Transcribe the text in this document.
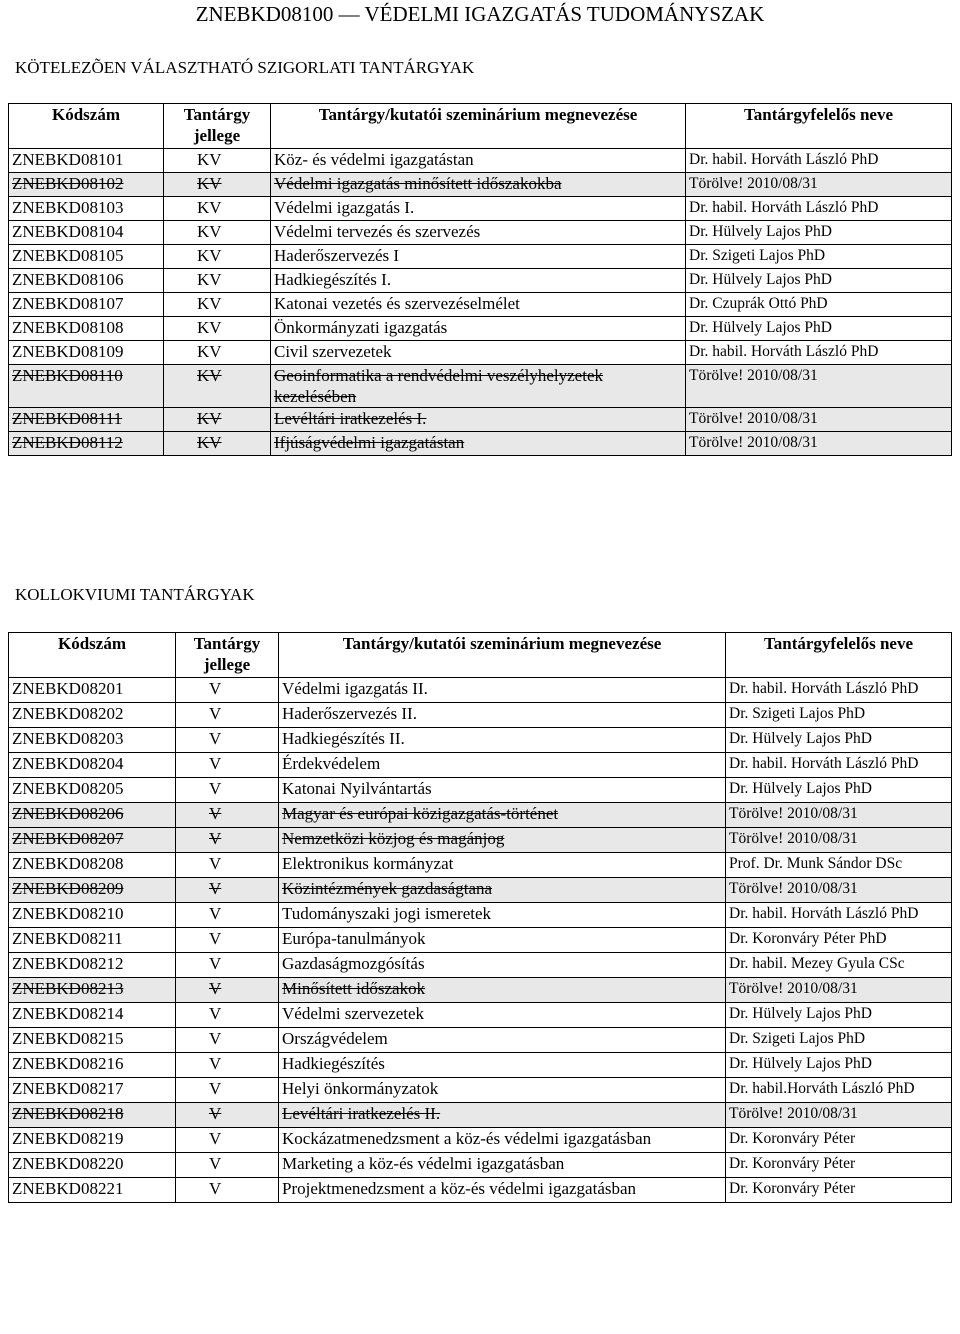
ZNEBKD08100 — VÉDELMI IGAZGATÁS TUDOMÁNYSZAK
KÖTELEZÕEN VÁLASZTHATÓ SZIGORLATI TANTÁRGYAK
Kódszám	Tantárgy jellege	Tantárgy/kutatói szeminárium megnevezése	Tantárgyfelelős neve
ZNEBKD08101	KV	Köz- és védelmi igazgatástan	Dr. habil. Horváth László PhD
ZNEBKD08102	KV	Védelmi igazgatás minősített időszakokba	Törölve! 2010/08/31
ZNEBKD08103	KV	Védelmi igazgatás I.	Dr. habil. Horváth László PhD
ZNEBKD08104	KV	Védelmi tervezés és szervezés	Dr. Hülvely Lajos PhD
ZNEBKD08105	KV	Haderőszervezés I	Dr. Szigeti Lajos PhD
ZNEBKD08106	KV	Hadkiegészítés I.	Dr. Hülvely Lajos PhD
ZNEBKD08107	KV	Katonai vezetés és szervezéselmélet	Dr. Czuprák Ottó PhD
ZNEBKD08108	KV	Önkormányzati igazgatás	Dr. Hülvely Lajos PhD
ZNEBKD08109	KV	Civil szervezetek	Dr. habil. Horváth László PhD
ZNEBKD08110	KV	Geoinformatika a rendvédelmi veszélyhelyzetek kezelésében	Törölve! 2010/08/31
ZNEBKD08111	KV	Levéltári iratkezelés I.	Törölve! 2010/08/31
ZNEBKD08112	KV	Ifjúságvédelmi igazgatástan	Törölve! 2010/08/31
KOLLOKVIUMI TANTÁRGYAK
Kódszám	Tantárgy jellege	Tantárgy/kutatói szeminárium megnevezése	Tantárgyfelelős neve
ZNEBKD08201	V	Védelmi igazgatás II.	Dr. habil. Horváth László PhD
ZNEBKD08202	V	Haderőszervezés II.	Dr. Szigeti Lajos PhD
ZNEBKD08203	V	Hadkiegészítés II.	Dr. Hülvely Lajos PhD
ZNEBKD08204	V	Érdekvédelem	Dr. habil. Horváth László PhD
ZNEBKD08205	V	Katonai Nyilvántartás	Dr. Hülvely Lajos PhD
ZNEBKD08206	V	Magyar és európai közigazgatás-történet	Törölve! 2010/08/31
ZNEBKD08207	V	Nemzetközi közjog és magánjog	Törölve! 2010/08/31
ZNEBKD08208	V	Elektronikus kormányzat	Prof. Dr. Munk Sándor DSc
ZNEBKD08209	V	Közintézmények gazdaságtana	Törölve! 2010/08/31
ZNEBKD08210	V	Tudományszaki jogi ismeretek	Dr. habil. Horváth László PhD
ZNEBKD08211	V	Európa-tanulmányok	Dr. Koronváry Péter PhD
ZNEBKD08212	V	Gazdaságmozgósítás	Dr. habil. Mezey Gyula CSc
ZNEBKD08213	V	Minősített időszakok	Törölve! 2010/08/31
ZNEBKD08214	V	Védelmi szervezetek	Dr. Hülvely Lajos PhD
ZNEBKD08215	V	Országvédelem	Dr. Szigeti Lajos PhD
ZNEBKD08216	V	Hadkiegészítés	Dr. Hülvely Lajos PhD
ZNEBKD08217	V	Helyi önkormányzatok	Dr. habil.Horváth László PhD
ZNEBKD08218	V	Levéltári iratkezelés II.	Törölve! 2010/08/31
ZNEBKD08219	V	Kockázatmenedzsment a köz-és védelmi igazgatásban	Dr. Koronváry Péter
ZNEBKD08220	V	Marketing a köz-és védelmi igazgatásban	Dr. Koronváry Péter
ZNEBKD08221	V	Projektmenedzsment a köz-és védelmi igazgatásban	Dr. Koronváry Péter
